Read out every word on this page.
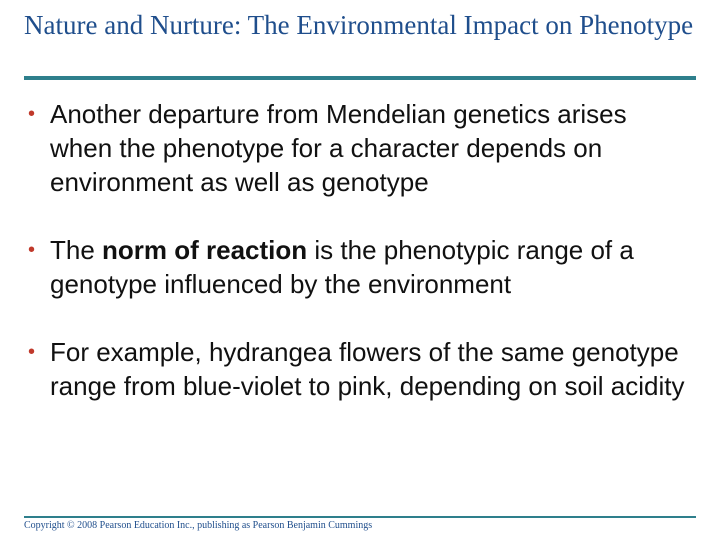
Nature and Nurture: The Environmental Impact on Phenotype
• Another departure from Mendelian genetics arises when the phenotype for a character depends on environment as well as genotype
• The norm of reaction is the phenotypic range of a genotype influenced by the environment
• For example, hydrangea flowers of the same genotype range from blue-violet to pink, depending on soil acidity
Copyright © 2008 Pearson Education Inc., publishing as Pearson Benjamin Cummings
